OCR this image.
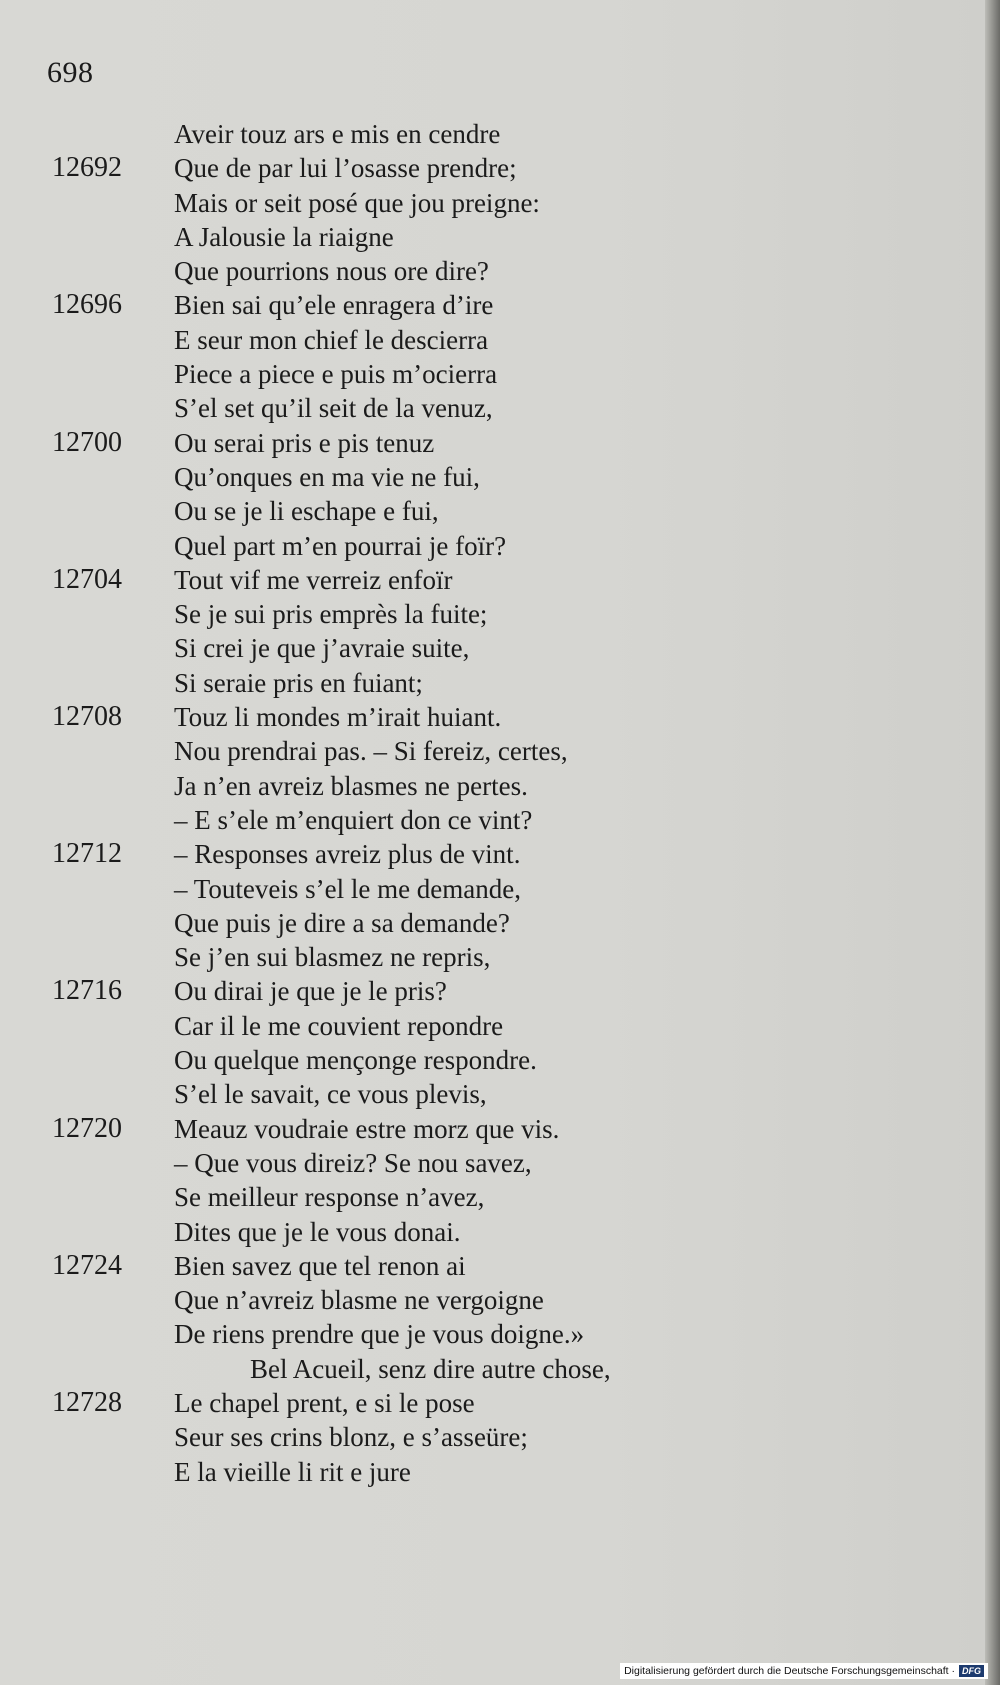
698
Aveir touz ars e mis en cendre
12692 Que de par lui l’osasse prendre;
Mais or seit posé que jou preigne:
A Jalousie la riaigne
Que pourrions nous ore dire?
12696 Bien sai qu’ele enragera d’ire
E seur mon chief le descierra
Piece a piece e puis m’ocierra
S’el set qu’il seit de la venuz,
12700 Ou serai pris e pis tenuz
Qu’onques en ma vie ne fui,
Ou se je li eschape e fui,
Quel part m’en pourrai je foïr?
12704 Tout vif me verreiz enfoïr
Se je sui pris emprès la fuite;
Si crei je que j’avraie suite,
Si seraie pris en fuiant;
12708 Touz li mondes m’irait huiant.
Nou prendrai pas. – Si fereiz, certes,
Ja n’en avreiz blasmes ne pertes.
– E s’ele m’enquiert don ce vint?
12712 – Responses avreiz plus de vint.
– Touteveis s’el le me demande,
Que puis je dire a sa demande?
Se j’en sui blasmez ne repris,
12716 Ou dirai je que je le pris?
Car il le me couvient repondre
Ou quelque mençonge respondre.
S’el le savait, ce vous plevis,
12720 Meauz voudraie estre morz que vis.
– Que vous direiz? Se nou savez,
Se meilleur response n’avez,
Dites que je le vous donai.
12724 Bien savez que tel renon ai
Que n’avreiz blasme ne vergoigne
De riens prendre que je vous doigne.»
Bel Acueil, senz dire autre chose,
12728 Le chapel prent, e si le pose
Seur ses crins blonz, e s’asseüre;
E la vieille li rit e jure
Digitalisierung gefördert durch die Deutsche Forschungsgemeinschaft · DFG
